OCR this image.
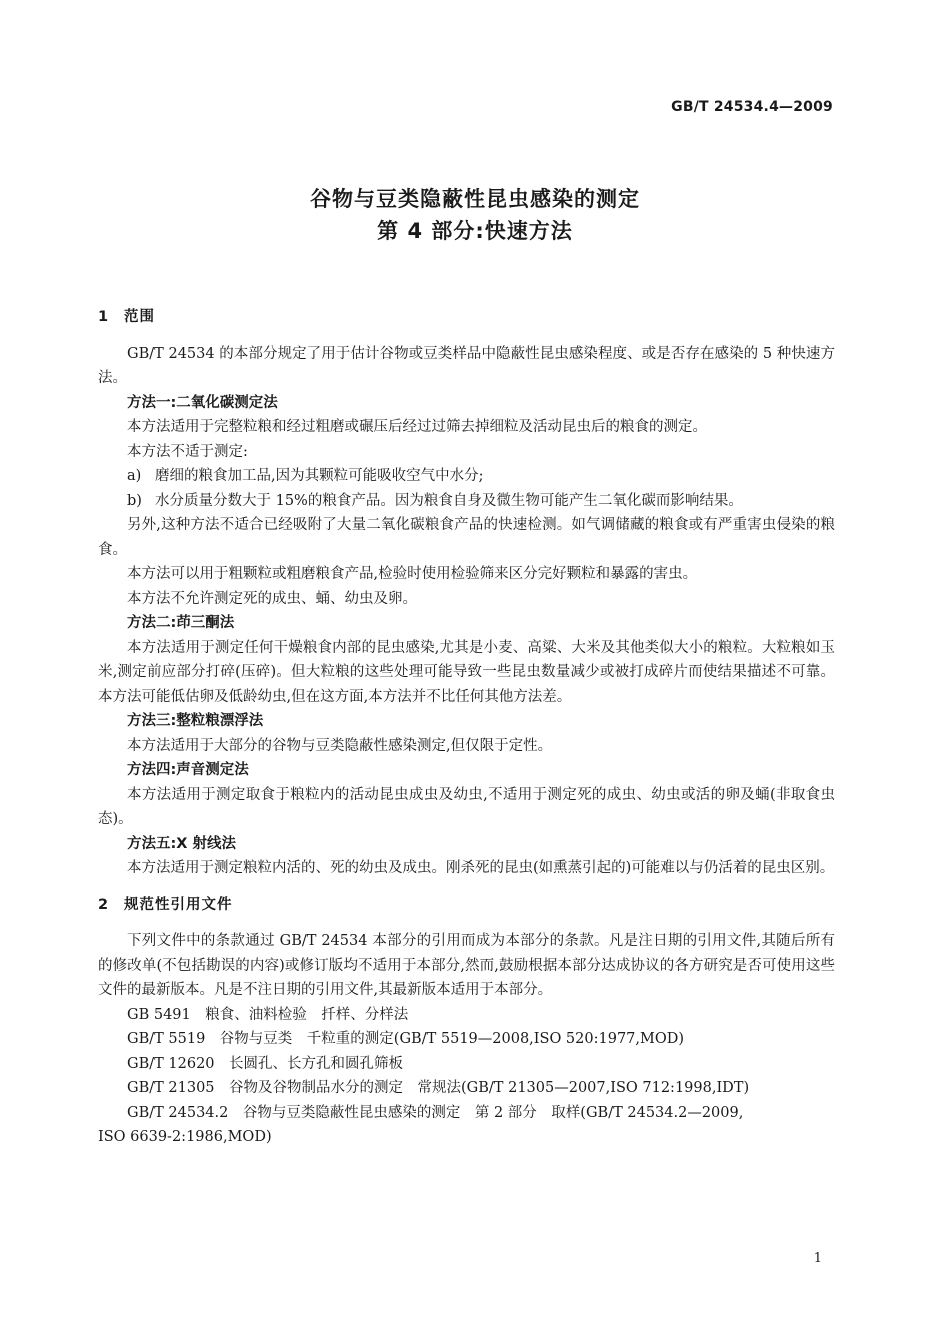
GB/T 24534.4—2009
谷物与豆类隐蔽性昆虫感染的测定
第 4 部分:快速方法
1 范围

GB/T 24534 的本部分规定了用于估计谷物或豆类样品中隐蔽性昆虫感染程度、或是否存在感染的 5 种快速方法。

方法一:二氧化碳测定法

本方法适用于完整粒粮和经过粗磨或碾压后经过过筛去掉细粒及活动昆虫后的粮食的测定。

本方法不适于测定:

a) 磨细的粮食加工品,因为其颗粒可能吸收空气中水分;

b) 水分质量分数大于 15%的粮食产品。因为粮食自身及微生物可能产生二氧化碳而影响结果。

另外,这种方法不适合已经吸附了大量二氧化碳粮食产品的快速检测。如气调储藏的粮食或有严重害虫侵染的粮食。

本方法可以用于粗颗粒或粗磨粮食产品,检验时使用检验筛来区分完好颗粒和暴露的害虫。

本方法不允许测定死的成虫、蛹、幼虫及卵。

方法二:茚三酮法

本方法适用于测定任何干燥粮食内部的昆虫感染,尤其是小麦、高粱、大米及其他类似大小的粮粒。大粒粮如玉米,测定前应部分打碎(压碎)。但大粒粮的这些处理可能导致一些昆虫数量减少或被打成碎片而使结果描述不可靠。本方法可能低估卵及低龄幼虫,但在这方面,本方法并不比任何其他方法差。

方法三:整粒粮漂浮法

本方法适用于大部分的谷物与豆类隐蔽性感染测定,但仅限于定性。

方法四:声音测定法

本方法适用于测定取食于粮粒内的活动昆虫成虫及幼虫,不适用于测定死的成虫、幼虫或活的卵及蛹(非取食虫态)。

方法五:X 射线法

本方法适用于测定粮粒内活的、死的幼虫及成虫。刚杀死的昆虫(如熏蒸引起的)可能难以与仍活着的昆虫区别。

2 规范性引用文件

下列文件中的条款通过 GB/T 24534 本部分的引用而成为本部分的条款。凡是注日期的引用文件,其随后所有的修改单(不包括勘误的内容)或修订版均不适用于本部分,然而,鼓励根据本部分达成协议的各方研究是否可使用这些文件的最新版本。凡是不注日期的引用文件,其最新版本适用于本部分。

GB 5491　粮食、油料检验　扦样、分样法

GB/T 5519　谷物与豆类　千粒重的测定(GB/T 5519—2008,ISO 520:1977,MOD)

GB/T 12620　长圆孔、长方孔和圆孔筛板

GB/T 21305　谷物及谷物制品水分的测定　常规法(GB/T 21305—2007,ISO 712:1998,IDT)

GB/T 24534.2　谷物与豆类隐蔽性昆虫感染的测定　第 2 部分　取样(GB/T 24534.2—2009,
ISO 6639-2:1986,MOD)

1
